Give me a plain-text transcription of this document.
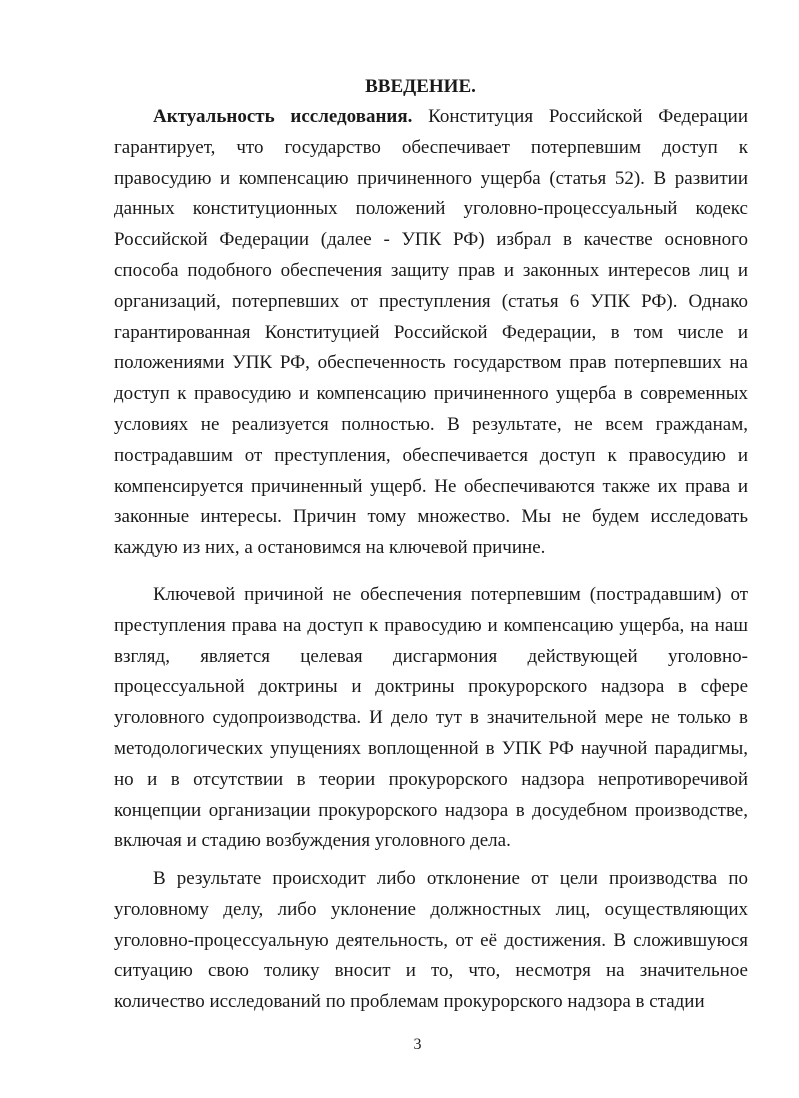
ВВЕДЕНИЕ.

Актуальность исследования. Конституция Российской Федерации гарантирует, что государство обеспечивает потерпевшим доступ к правосудию и компенсацию причиненного ущерба (статья 52). В развитии данных конституционных положений уголовно-процессуальный кодекс Российской Федерации (далее - УПК РФ) избрал в качестве основного способа подобного обеспечения защиту прав и законных интересов лиц и организаций, потерпевших от преступления (статья 6 УПК РФ). Однако гарантированная Конституцией Российской Федерации, в том числе и положениями УПК РФ, обеспеченность государством прав потерпевших на доступ к правосудию и компенсацию причиненного ущерба в современных условиях не реализуется полностью. В результате, не всем гражданам, пострадавшим от преступления, обеспечивается доступ к правосудию и компенсируется причиненный ущерб. Не обеспечиваются также их права и законные интересы. Причин тому множество. Мы не будем исследовать каждую из них, а остановимся на ключевой причине.

Ключевой причиной не обеспечения потерпевшим (пострадавшим) от преступления права на доступ к правосудию и компенсацию ущерба, на наш взгляд, является целевая дисгармония действующей уголовно-процессуальной доктрины и доктрины прокурорского надзора в сфере уголовного судопроизводства. И дело тут в значительной мере не только в методологических упущениях воплощенной в УПК РФ научной парадигмы, но и в отсутствии в теории прокурорского надзора непротиворечивой концепции организации прокурорского надзора в досудебном производстве, включая и стадию возбуждения уголовного дела.

В результате происходит либо отклонение от цели производства по уголовному делу, либо уклонение должностных лиц, осуществляющих уголовно-процессуальную деятельность, от её достижения. В сложившуюся ситуацию свою толику вносит и то, что, несмотря на значительное количество исследований по проблемам прокурорского надзора в стадии

3
